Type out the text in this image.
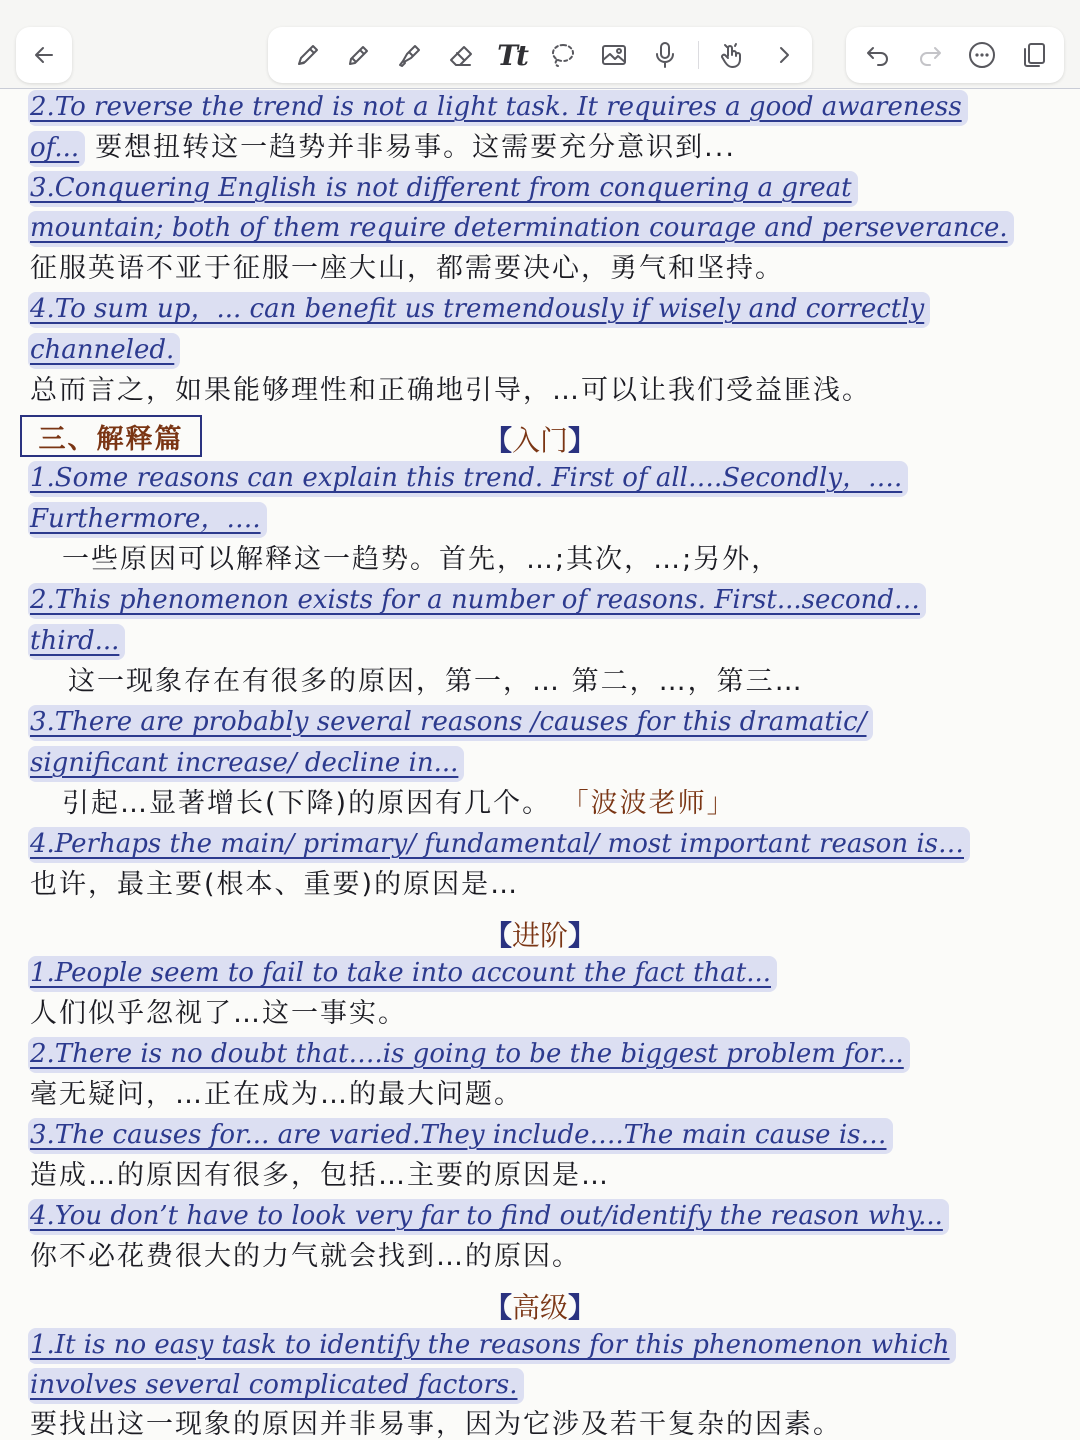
Tt
2.To reverse the trend is not a light task. It requires a good awareness
of... 要想扭转这一趋势并非易事。这需要充分意识到...
3.Conquering English is not different from conquering a great
mountain; both of them require determination courage and perseverance.
征服英语不亚于征服一座大山，都需要决心，勇气和坚持。
4.To sum up，... can benefit us tremendously if wisely and correctly
channeled.
总而言之，如果能够理性和正确地引导，…可以让我们受益匪浅。
三、解释篇	【入门】
1.Some reasons can explain this trend. First of all….Secondly，….
Furthermore，….
一些原因可以解释这一趋势。首先，…;其次，…;另外，
2.This phenomenon exists for a number of reasons. First...second…
third...
这一现象存在有很多的原因，第一，… 第二，…，第三…
3.There are probably several reasons /causes for this dramatic/
significant increase/ decline in...
引起…显著增长(下降)的原因有几个。 「波波老师」
4.Perhaps the main/ primary/ fundamental/ most important reason is…
也许，最主要(根本、重要)的原因是…
【进阶】
1.People seem to fail to take into account the fact that...
人们似乎忽视了…这一事实。
2.There is no doubt that….is going to be the biggest problem for...
毫无疑问，…正在成为…的最大问题。
3.The causes for... are varied.They include….The main cause is…
造成…的原因有很多，包括…主要的原因是…
4.You don’t have to look very far to find out/identify the reason why...
你不必花费很大的力气就会找到…的原因。
【高级】
1.It is no easy task to identify the reasons for this phenomenon which
involves several complicated factors.
要找出这一现象的原因并非易事，因为它涉及若干复杂的因素。
